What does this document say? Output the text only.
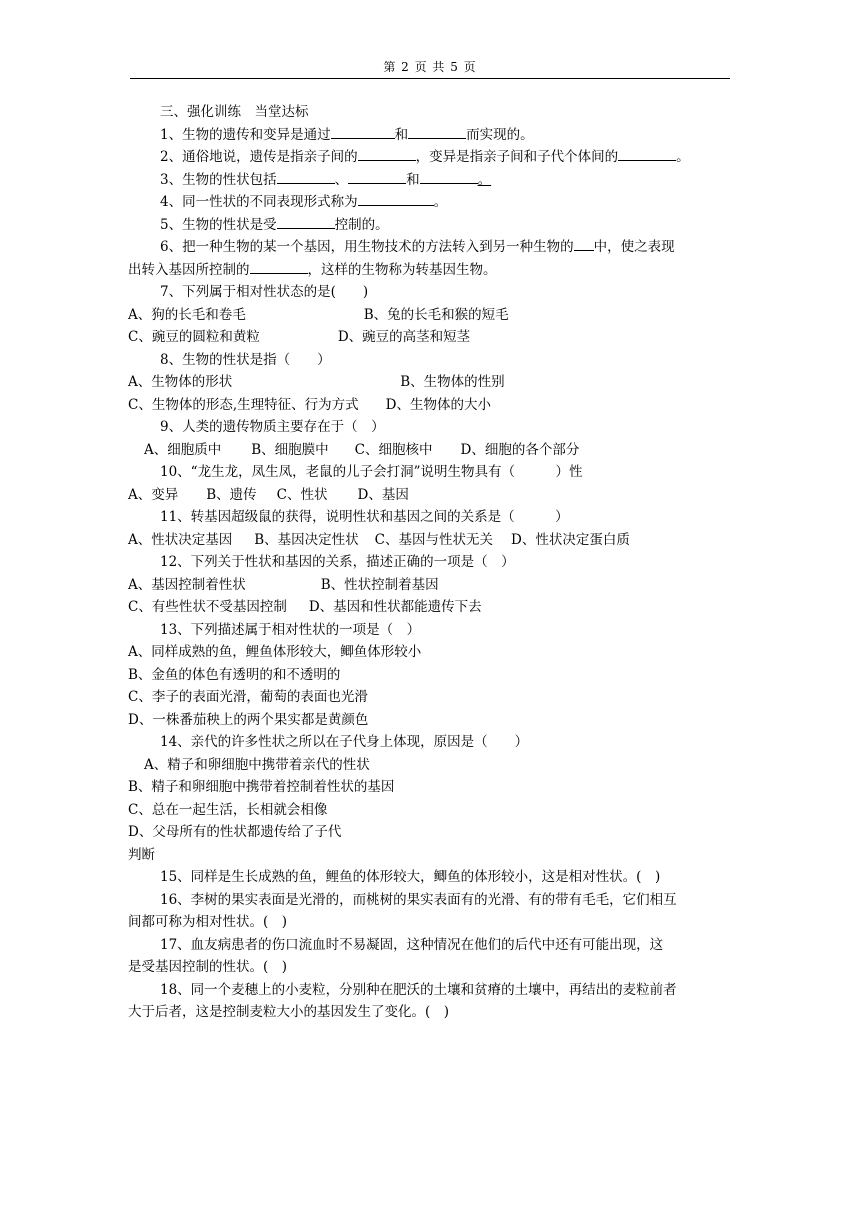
第 2 页 共 5 页
三、强化训练　当堂达标
1、生物的遗传和变异是通过	和	而实现的。
2、通俗地说，遗传是指亲子间的	，变异是指亲子间和子代个体间的	。
3、生物的性状包括	、	和	。
4、同一性状的不同表现形式称为	。
5、生物的性状是受	控制的。
6、把一种生物的某一个基因，用生物技术的方法转入到另一种生物的 中，使之表现
出转入基因所控制的	，这样的生物称为转基因生物。
7、下列属于相对性状态的是(　　)
A、狗的长毛和卷毛	B、兔的长毛和猴的短毛
C、豌豆的圆粒和黄粒	D、豌豆的高茎和短茎
8、生物的性状是指（　　）
A、生物体的形状	B、生物体的性别
C、生物体的形态,生理特征、行为方式 D、生物体的大小
9、人类的遗传物质主要存在于（　）
A、细胞质中 B、细胞膜中 C、细胞核中 D、细胞的各个部分
10、“龙生龙，凤生凤，老鼠的儿子会打洞”说明生物具有（　　　）性
A、变异 B、遗传 C、性状 D、基因
11、转基因超级鼠的获得，说明性状和基因之间的关系是（　　　）
A、性状决定基因 B、基因决定性状 C、基因与性状无关 D、性状决定蛋白质
12、下列关于性状和基因的关系，描述正确的一项是（　）
A、基因控制着性状	B、性状控制着基因
C、有些性状不受基因控制 D、基因和性状都能遗传下去
13、下列描述属于相对性状的一项是（　）
A、同样成熟的鱼，鲤鱼体形较大，鲫鱼体形较小
B、金鱼的体色有透明的和不透明的
C、李子的表面光滑，葡萄的表面也光滑
D、一株番茄秧上的两个果实都是黄颜色
14、亲代的许多性状之所以在子代身上体现，原因是（　　）
A、精子和卵细胞中携带着亲代的性状
B、精子和卵细胞中携带着控制着性状的基因
C、总在一起生活，长相就会相像
D、父母所有的性状都遗传给了子代
判断
15、同样是生长成熟的鱼，鲤鱼的体形较大，鲫鱼的体形较小，这是相对性状。(　)
16、李树的果实表面是光滑的，而桃树的果实表面有的光滑、有的带有毛毛，它们相互
间都可称为相对性状。(　)
17、血友病患者的伤口流血时不易凝固，这种情况在他们的后代中还有可能出现，这
是受基因控制的性状。(　)
18、同一个麦穗上的小麦粒，分别种在肥沃的土壤和贫瘠的土壤中，再结出的麦粒前者
大于后者，这是控制麦粒大小的基因发生了变化。(　)
